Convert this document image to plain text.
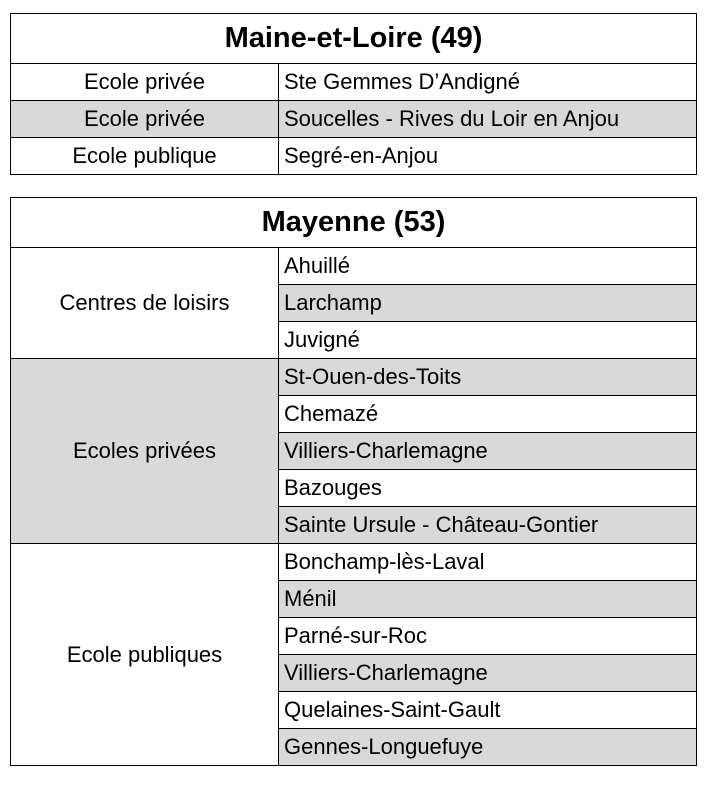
Maine-et-Loire (49)	
Ecole privée	Ste Gemmes D’Andigné
Ecole privée	Soucelles - Rives du Loir en Anjou
Ecole publique	Segré-en-Anjou
Mayenne (53)	
Centres de loisirs	Ahuillé
	Larchamp
	Juvigné
Ecoles privées	St-Ouen-des-Toits
	Chemazé
	Villiers-Charlemagne
	Bazouges
	Sainte Ursule - Château-Gontier
Ecole publiques	Bonchamp-lès-Laval
	Ménil
	Parné-sur-Roc
	Villiers-Charlemagne
	Quelaines-Saint-Gault
	Gennes-Longuefuye
